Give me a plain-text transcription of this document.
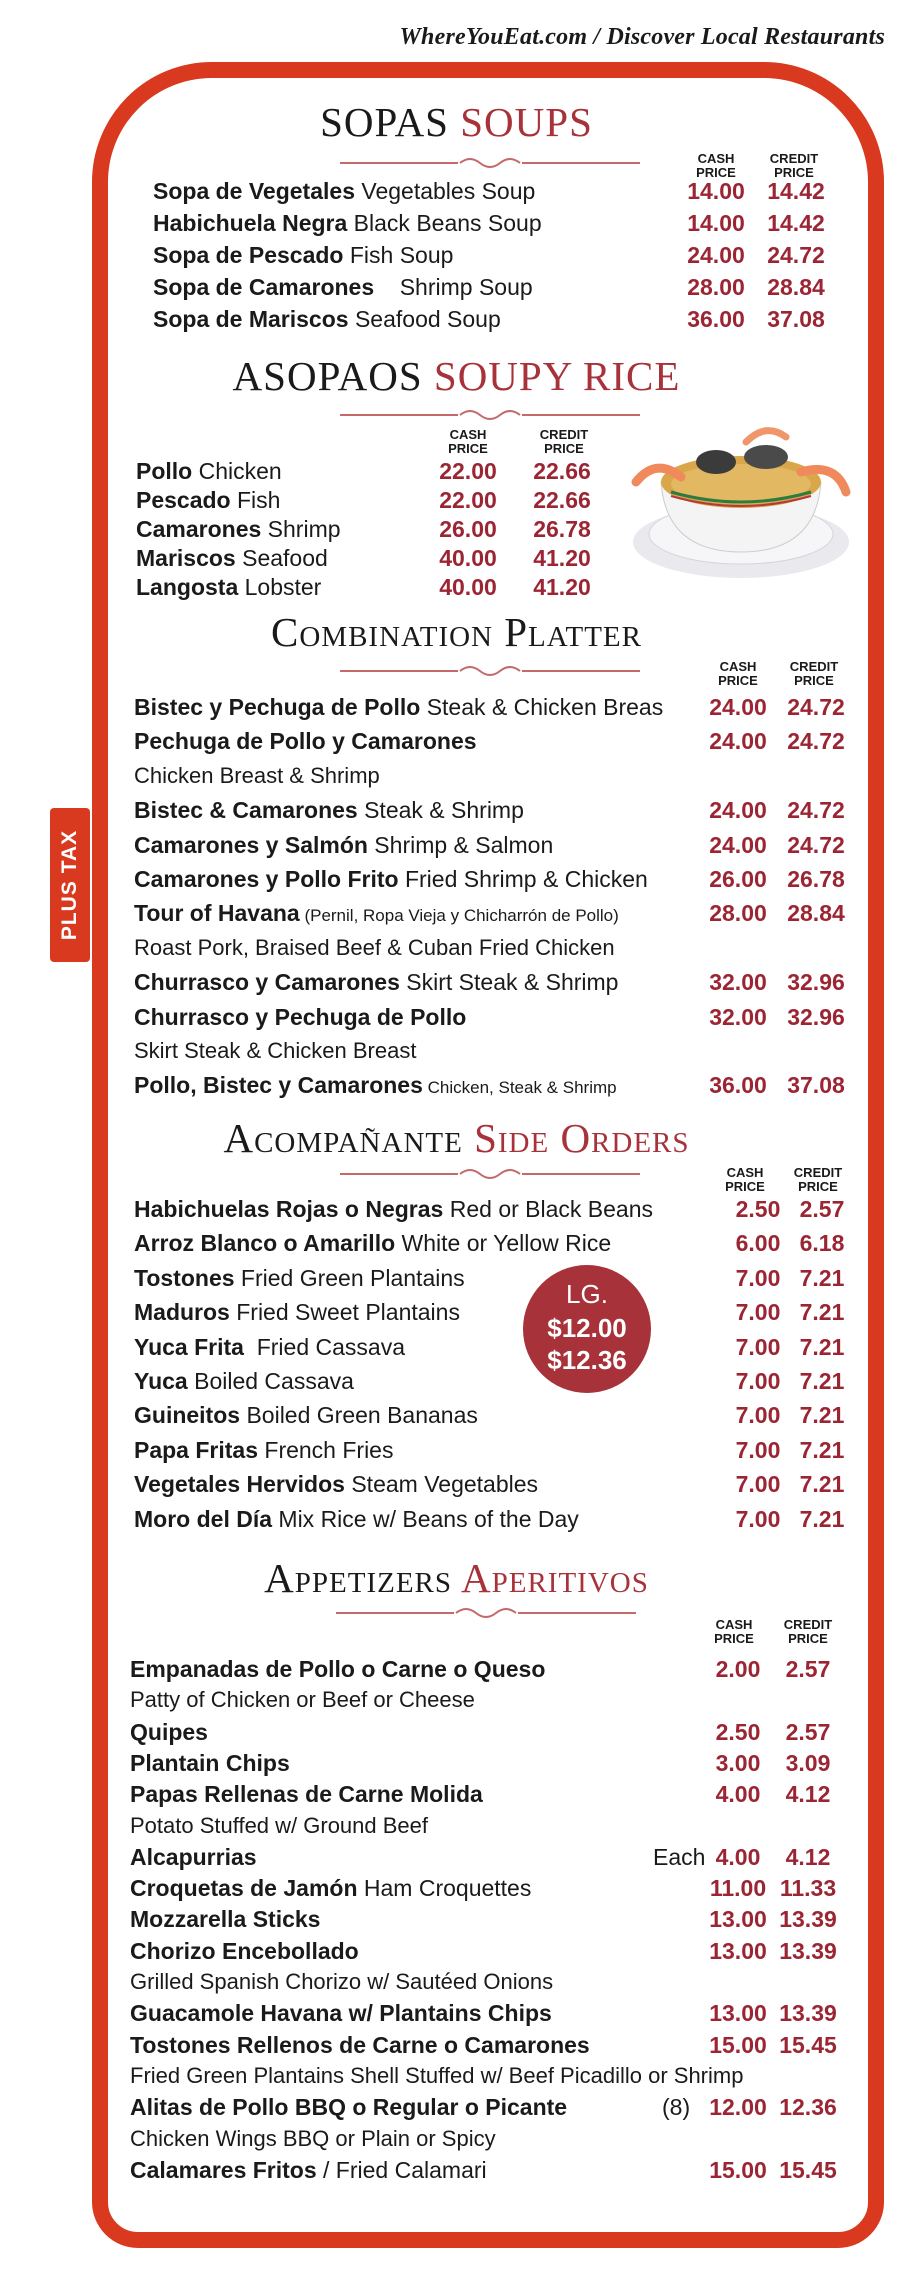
WhereYouEat.com / Discover Local Restaurants
PLUS TAX
SOPAS SOUPS
CASH
PRICE
CREDIT
PRICE
Sopa de Vegetales Vegetables Soup	14.00 14.42
Habichuela Negra Black Beans Soup	14.00 14.42
Sopa de Pescado Fish Soup	24.00 24.72
Sopa de Camarones    Shrimp Soup	28.00 28.84
Sopa de Mariscos Seafood Soup	36.00 37.08
ASOPAOS SOUPY RICE
CASH
PRICE
CREDIT
PRICE
Pollo Chicken	22.00	22.66
Pescado Fish	22.00	22.66
Camarones Shrimp	26.00	26.78
Mariscos Seafood	40.00	41.20
Langosta Lobster	40.00	41.20
Combination Platter
CASH
PRICE
CREDIT
PRICE
Bistec y Pechuga de Pollo Steak & Chicken Breas	24.00 24.72
Pechuga de Pollo y Camarones	24.00 24.72
Chicken Breast & Shrimp
Bistec & Camarones Steak & Shrimp	24.00 24.72
Camarones y Salmón Shrimp & Salmon	24.00 24.72
Camarones y Pollo Frito Fried Shrimp & Chicken	26.00 26.78
Tour of Havana (Pernil, Ropa Vieja y Chicharrón de Pollo)	28.00 28.84
Roast Pork, Braised Beef & Cuban Fried Chicken
Churrasco y Camarones Skirt Steak & Shrimp	32.00 32.96
Churrasco y Pechuga de Pollo	32.00 32.96
Skirt Steak & Chicken Breast
Pollo, Bistec y Camarones Chicken, Steak & Shrimp	36.00 37.08
Acompañante Side Orders
CASH
PRICE
CREDIT
PRICE
LG.
$12.00
$12.36
Habichuelas Rojas o Negras Red or Black Beans	2.50 2.57
Arroz Blanco o Amarillo White or Yellow Rice	6.00 6.18
Tostones Fried Green Plantains	7.00 7.21
Maduros Fried Sweet Plantains	7.00 7.21
Yuca Frita  Fried Cassava	7.00 7.21
Yuca Boiled Cassava	7.00 7.21
Guineitos Boiled Green Bananas	7.00 7.21
Papa Fritas French Fries	7.00 7.21
Vegetales Hervidos Steam Vegetables	7.00 7.21
Moro del Día Mix Rice w/ Beans of the Day	7.00 7.21
Appetizers Aperitivos
CASH
PRICE
CREDIT
PRICE
Empanadas de Pollo o Carne o Queso	2.00	2.57
Patty of Chicken or Beef or Cheese
Quipes	2.50	2.57
Plantain Chips	3.00	3.09
Papas Rellenas de Carne Molida	4.00	4.12
Potato Stuffed w/ Ground Beef
Alcapurrias	Each 4.00	4.12
Croquetas de Jamón Ham Croquettes	11.00 11.33
Mozzarella Sticks	13.00 13.39
Chorizo Encebollado	13.00 13.39
Grilled Spanish Chorizo w/ Sautéed Onions
Guacamole Havana w/ Plantains Chips	13.00 13.39
Tostones Rellenos de Carne o Camarones	15.00 15.45
Fried Green Plantains Shell Stuffed w/ Beef Picadillo or Shrimp
Alitas de Pollo BBQ o Regular o Picante	(8) 12.00 12.36
Chicken Wings BBQ or Plain or Spicy
Calamares Fritos / Fried Calamari	15.00 15.45
